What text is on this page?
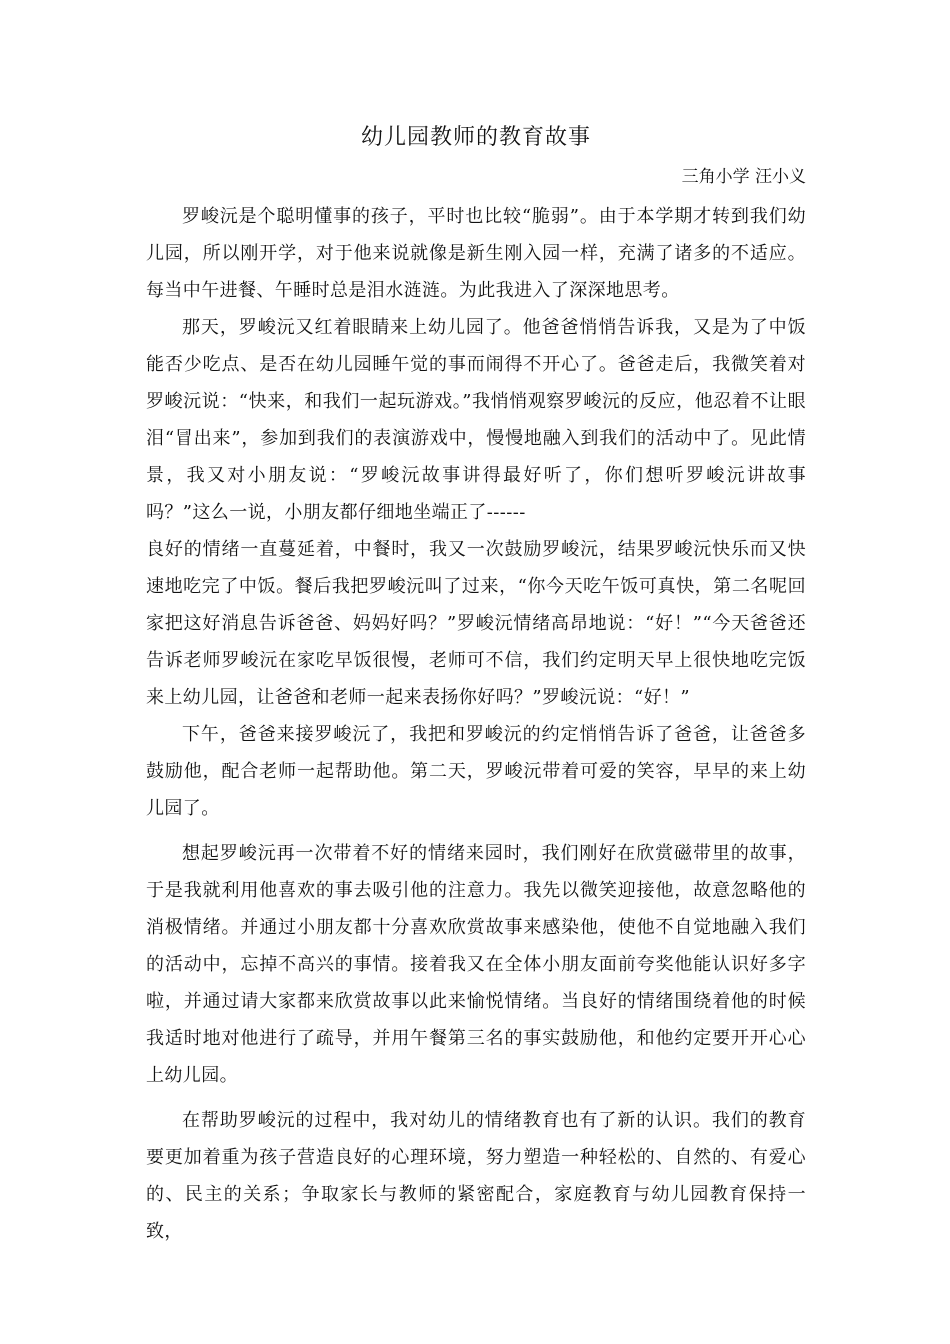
幼儿园教师的教育故事

三角小学 汪小义

罗峻沅是个聪明懂事的孩子，平时也比较“脆弱”。由于本学期才转到我们幼儿园，所以刚开学，对于他来说就像是新生刚入园一样，充满了诸多的不适应。每当中午进餐、午睡时总是泪水涟涟。为此我进入了深深地思考。

那天，罗峻沅又红着眼睛来上幼儿园了。他爸爸悄悄告诉我，又是为了中饭能否少吃点、是否在幼儿园睡午觉的事而闹得不开心了。爸爸走后，我微笑着对罗峻沅说：“快来，和我们一起玩游戏。”我悄悄观察罗峻沅的反应，他忍着不让眼泪“冒出来”，参加到我们的表演游戏中，慢慢地融入到我们的活动中了。见此情景，我又对小朋友说：“罗峻沅故事讲得最好听了，你们想听罗峻沅讲故事吗？”这么一说，小朋友都仔细地坐端正了------

良好的情绪一直蔓延着，中餐时，我又一次鼓励罗峻沅，结果罗峻沅快乐而又快速地吃完了中饭。餐后我把罗峻沅叫了过来，“你今天吃午饭可真快，第二名呢回家把这好消息告诉爸爸、妈妈好吗？”罗峻沅情绪高昂地说：“好！”“今天爸爸还告诉老师罗峻沅在家吃早饭很慢，老师可不信，我们约定明天早上很快地吃完饭来上幼儿园，让爸爸和老师一起来表扬你好吗？”罗峻沅说：“好！”

下午，爸爸来接罗峻沅了，我把和罗峻沅的约定悄悄告诉了爸爸，让爸爸多鼓励他，配合老师一起帮助他。第二天，罗峻沅带着可爱的笑容，早早的来上幼儿园了。

想起罗峻沅再一次带着不好的情绪来园时，我们刚好在欣赏磁带里的故事，于是我就利用他喜欢的事去吸引他的注意力。我先以微笑迎接他，故意忽略他的消极情绪。并通过小朋友都十分喜欢欣赏故事来感染他，使他不自觉地融入我们的活动中，忘掉不高兴的事情。接着我又在全体小朋友面前夸奖他能认识好多字啦，并通过请大家都来欣赏故事以此来愉悦情绪。当良好的情绪围绕着他的时候我适时地对他进行了疏导，并用午餐第三名的事实鼓励他，和他约定要开开心心上幼儿园。

在帮助罗峻沅的过程中，我对幼儿的情绪教育也有了新的认识。我们的教育要更加着重为孩子营造良好的心理环境，努力塑造一种轻松的、自然的、有爱心的、民主的关系；争取家长与教师的紧密配合，家庭教育与幼儿园教育保持一致，
